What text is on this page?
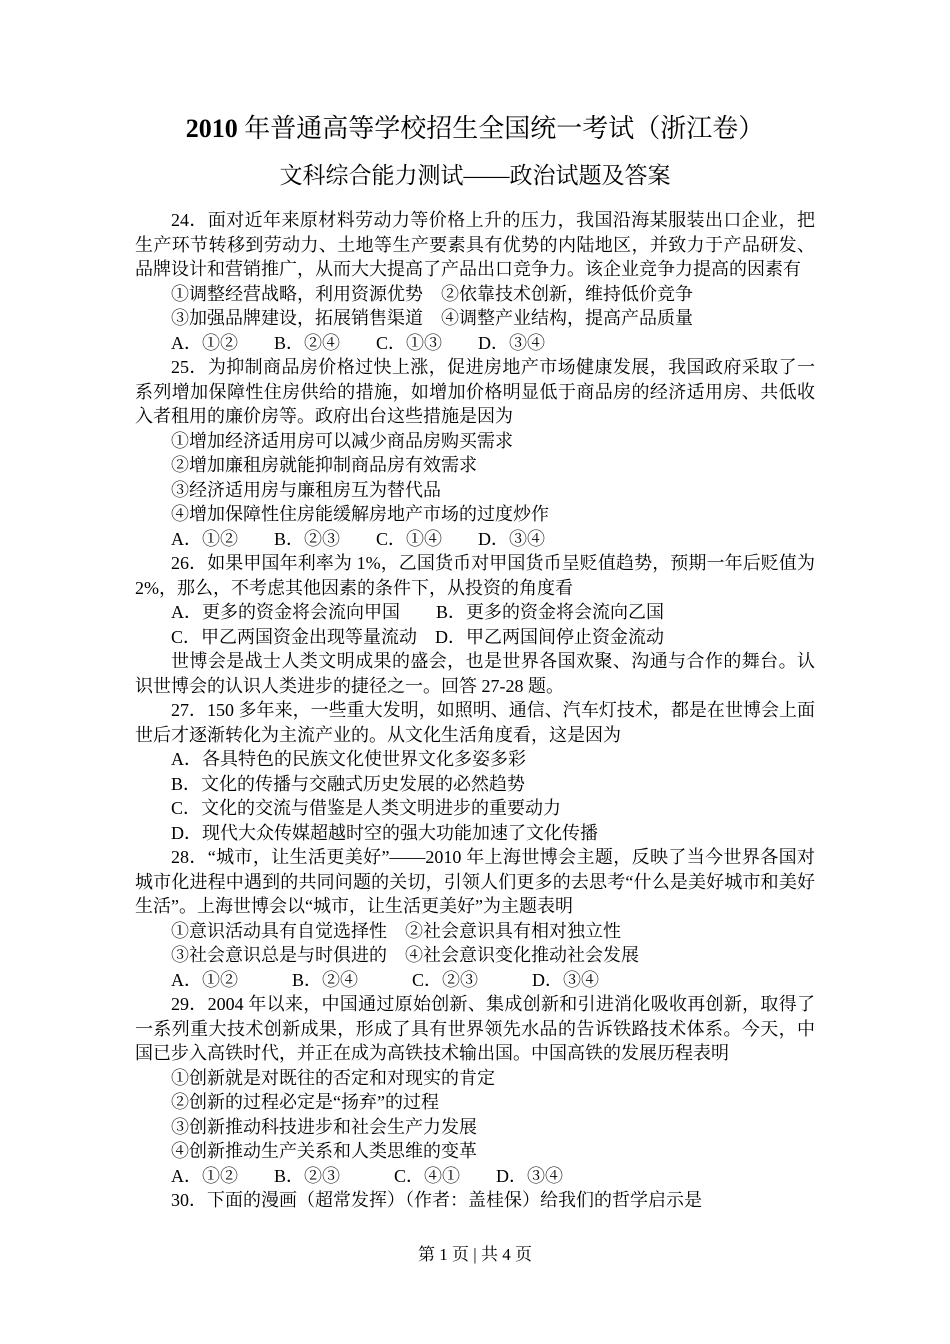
2010 年普通高等学校招生全国统一考试（浙江卷）
文科综合能力测试——政治试题及答案

24．面对近年来原材料劳动力等价格上升的压力，我国沿海某服装出口企业，把生产环节转移到劳动力、土地等生产要素具有优势的内陆地区，并致力于产品研发、品牌设计和营销推广，从而大大提高了产品出口竞争力。该企业竞争力提高的因素有

①调整经营战略，利用资源优势　②依靠技术创新，维持低价竞争

③加强品牌建设，拓展销售渠道　④调整产业结构，提高产品质量

A．①②　　B．②④　　C．①③　　D．③④

25．为抑制商品房价格过快上涨，促进房地产市场健康发展，我国政府采取了一系列增加保障性住房供给的措施，如增加价格明显低于商品房的经济适用房、共低收入者租用的廉价房等。政府出台这些措施是因为

①增加经济适用房可以减少商品房购买需求

②增加廉租房就能抑制商品房有效需求

③经济适用房与廉租房互为替代品

④增加保障性住房能缓解房地产市场的过度炒作

A．①②　　B．②③　　C．①④　　D．③④

26．如果甲国年利率为 1%，乙国货币对甲国货币呈贬值趋势，预期一年后贬值为 2%，那么，不考虑其他因素的条件下，从投资的角度看

A．更多的资金将会流向甲国　　B．更多的资金将会流向乙国

C．甲乙两国资金出现等量流动　D．甲乙两国间停止资金流动

世博会是战士人类文明成果的盛会，也是世界各国欢聚、沟通与合作的舞台。认识世博会的认识人类进步的捷径之一。回答 27-28 题。

27．150 多年来，一些重大发明，如照明、通信、汽车灯技术，都是在世博会上面世后才逐渐转化为主流产业的。从文化生活角度看，这是因为

A．各具特色的民族文化使世界文化多姿多彩

B．文化的传播与交融式历史发展的必然趋势

C．文化的交流与借鉴是人类文明进步的重要动力

D．现代大众传媒超越时空的强大功能加速了文化传播

28．“城市，让生活更美好”——2010 年上海世博会主题，反映了当今世界各国对城市化进程中遇到的共同问题的关切，引领人们更多的去思考“什么是美好城市和美好生活”。上海世博会以“城市，让生活更美好”为主题表明

①意识活动具有自觉选择性　②社会意识具有相对独立性

③社会意识总是与时俱进的　④社会意识变化推动社会发展

A．①②　　　B．②④　　　C．②③　　　D．③④

29．2004 年以来，中国通过原始创新、集成创新和引进消化吸收再创新，取得了一系列重大技术创新成果，形成了具有世界领先水品的告诉铁路技术体系。今天，中国已步入高铁时代，并正在成为高铁技术输出国。中国高铁的发展历程表明

①创新就是对既往的否定和对现实的肯定

②创新的过程必定是“扬弃”的过程

③创新推动科技进步和社会生产力发展

④创新推动生产关系和人类思维的变革

A．①②　　B．②③　　　C．④①　　D．③④

30．下面的漫画（超常发挥）（作者：盖桂保）给我们的哲学启示是

第 1 页 | 共 4 页
